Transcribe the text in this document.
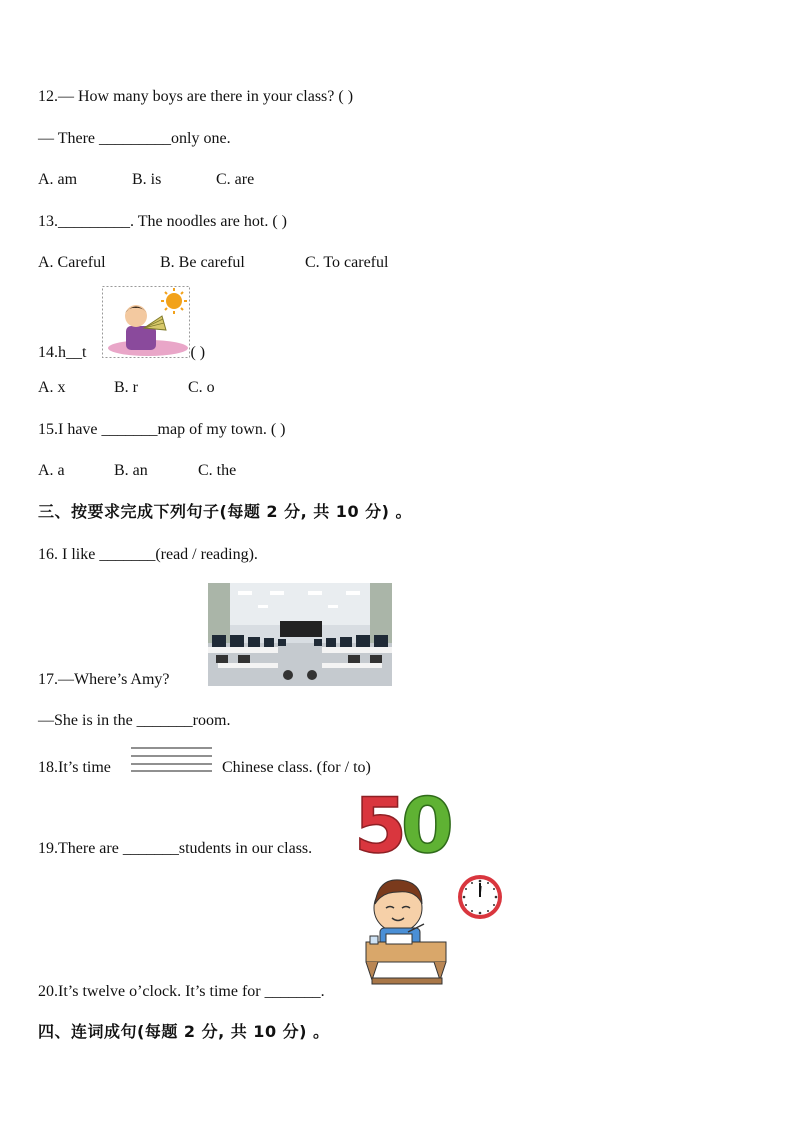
12.— How many boys are there in your class? ( )
— There _________only one.
A. am	B. is	C. are
13._________. The noodles are hot. ( )
A. Careful	B. Be careful	C. To careful
14.h__t	( )
A. x	B. r	C. o
15.I have _______map of my town. ( )
A. a	B. an	C. the
三、按要求完成下列句子(每题 2 分, 共 10 分) 。
16. I like _______(read / reading).
17.—Where’s Amy?
—She is in the _______room.
18.It’s time	Chinese class. (for / to)
19.There are _______students in our class. 50
20.It’s twelve o’clock. It’s time for _______.
四、连词成句(每题 2 分, 共 10 分) 。
